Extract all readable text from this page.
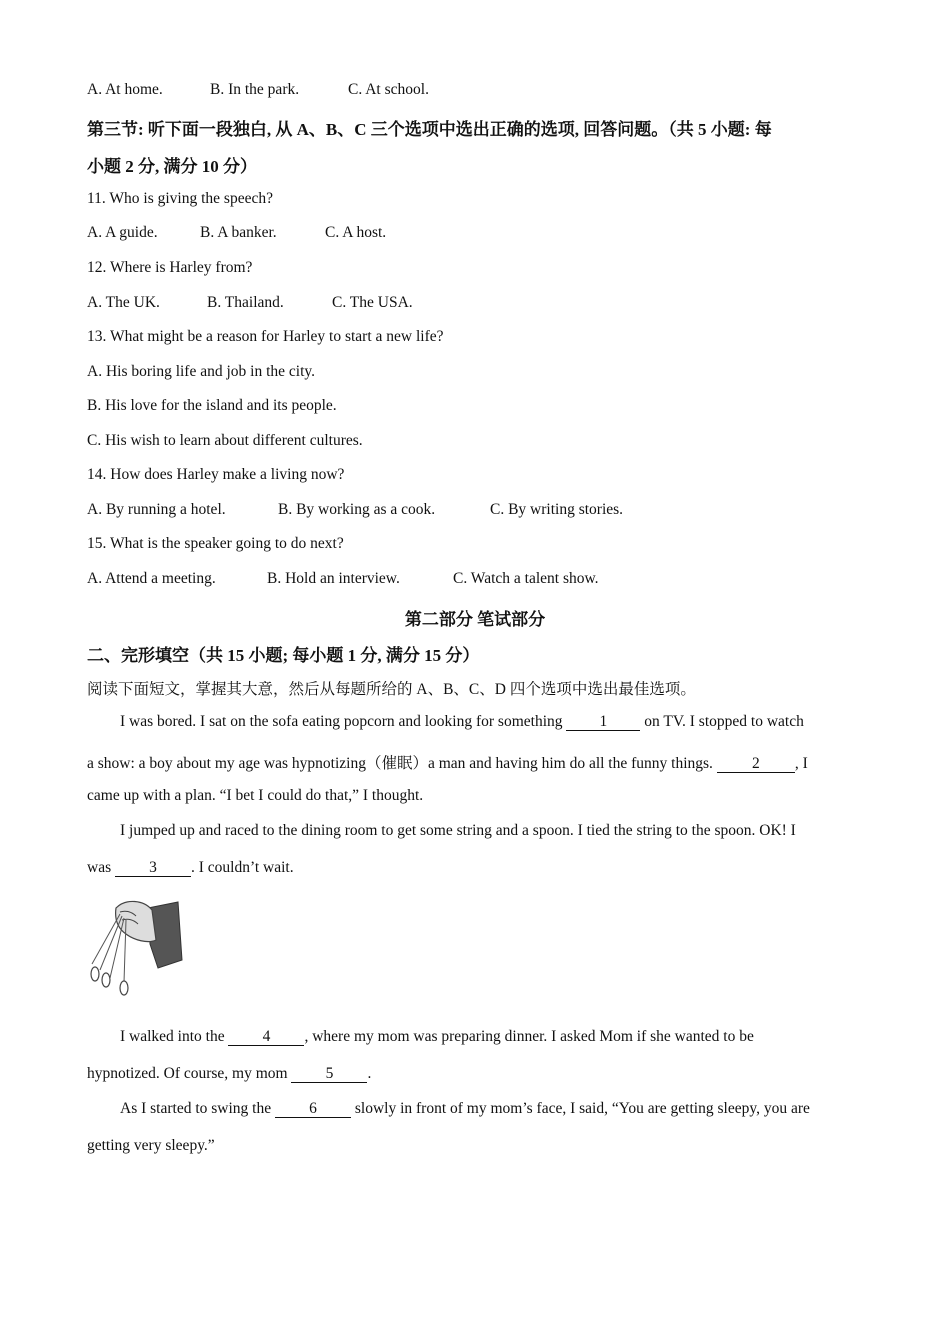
A. At home.	B. In the park.	C. At school.
第三节: 听下面一段独白, 从 A、B、C 三个选项中选出正确的选项, 回答问题。（共 5 小题: 每
小题 2 分, 满分 10 分）
11. Who is giving the speech?
A. A guide.	B. A banker.	C. A host.
12. Where is Harley from?
A. The UK.	B. Thailand.	C. The USA.
13. What might be a reason for Harley to start a new life?
A. His boring life and job in the city.
B. His love for the island and its people.
C. His wish to learn about different cultures.
14. How does Harley make a living now?
A. By running a hotel.	B. By working as a cook.	C. By writing stories.
15. What is the speaker going to do next?
A. Attend a meeting.	B. Hold an interview.	C. Watch a talent show.
第二部分 笔试部分
二、完形填空（共 15 小题; 每小题 1 分, 满分 15 分）
阅读下面短文，掌握其大意，然后从每题所给的 A、B、C、D 四个选项中选出最佳选项。
I was bored. I sat on the sofa eating popcorn and looking for something 1 on TV. I stopped to watch
a show: a boy about my age was hypnotizing（催眠）a man and having him do all the funny things. 2 , I
came up with a plan. “I bet I could do that,” I thought.
I jumped up and raced to the dining room to get some string and a spoon. I tied the string to the spoon. OK! I
was 3 . I couldn’t wait.
I walked into the 4 , where my mom was preparing dinner. I asked Mom if she wanted to be
hypnotized. Of course, my mom 5 .
As I started to swing the 6 slowly in front of my mom’s face, I said, “You are getting sleepy, you are
getting very sleepy.”
